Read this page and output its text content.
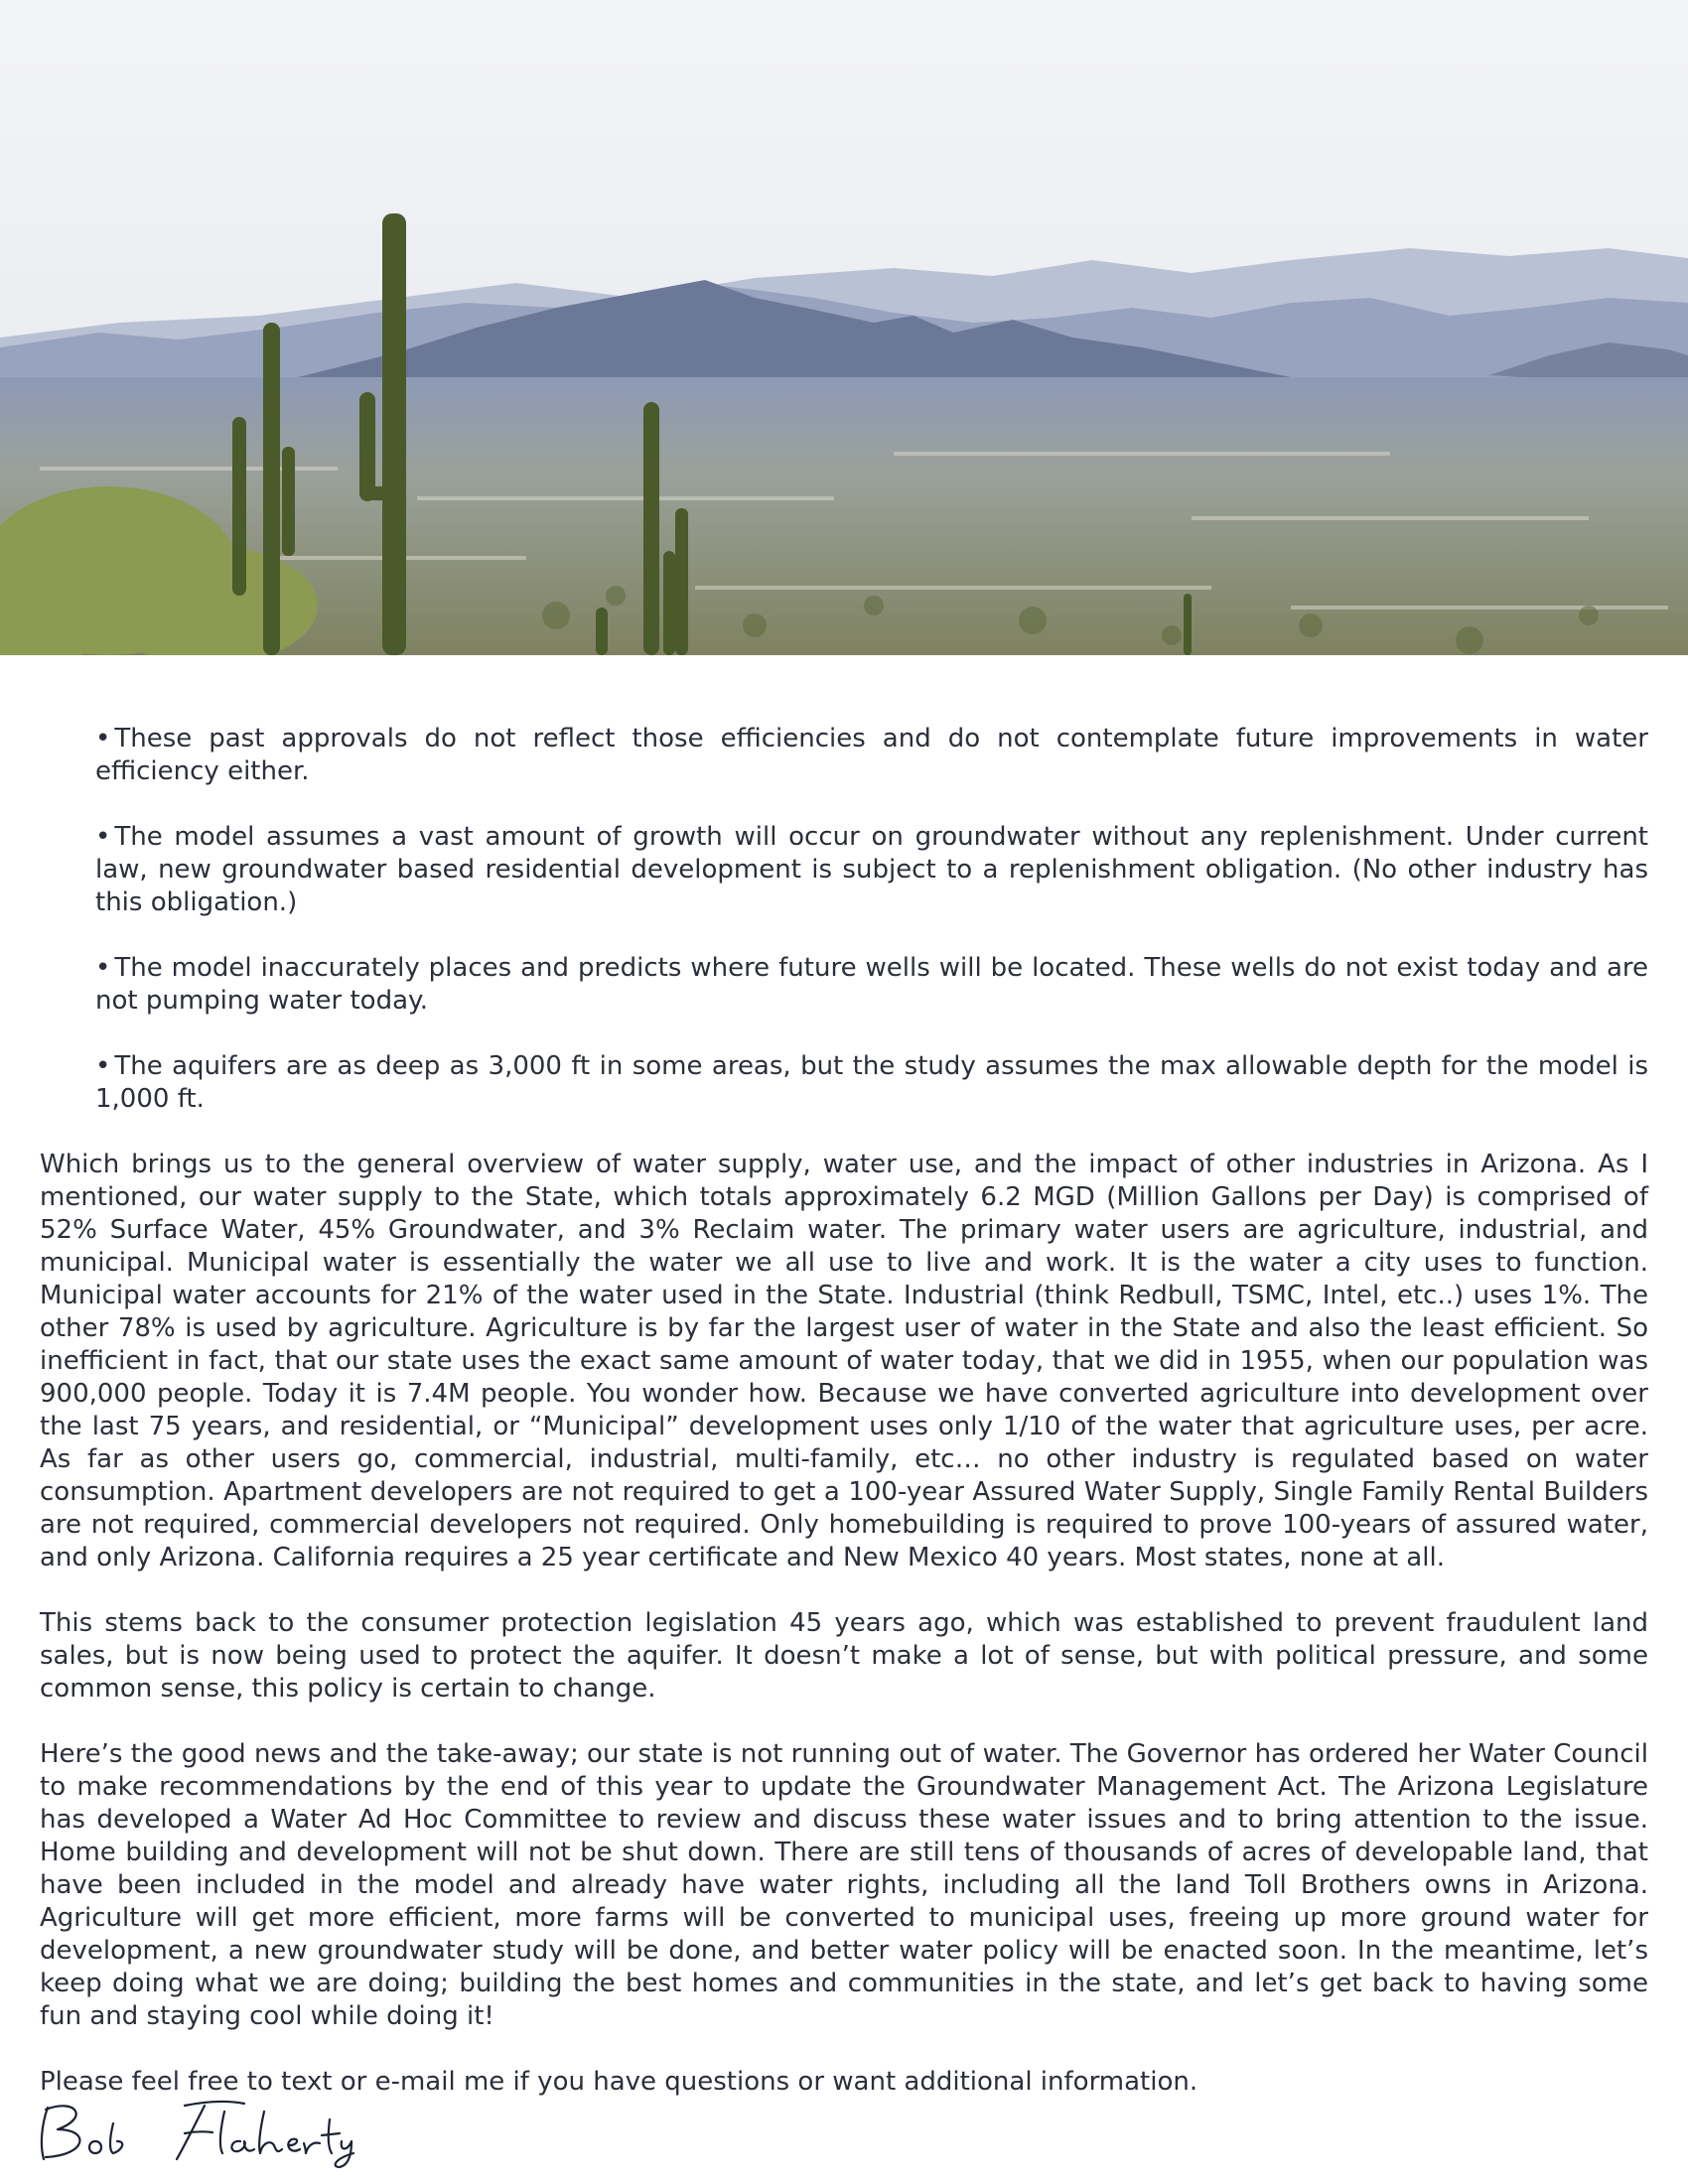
• These past approvals do not reflect those efficiencies and do not contemplate future improvements in water efficiency either.

• The model assumes a vast amount of growth will occur on groundwater without any replenishment. Under current law, new groundwater based residential development is subject to a replenishment obligation. (No other industry has this obligation.)

• The model inaccurately places and predicts where future wells will be located. These wells do not exist today and are not pumping water today.

• The aquifers are as deep as 3,000 ft in some areas, but the study assumes the max allowable depth for the model is 1,000 ft.

Which brings us to the general overview of water supply, water use, and the impact of other industries in Arizona. As I mentioned, our water supply to the State, which totals approximately 6.2 MGD (Million Gallons per Day) is comprised of 52% Surface Water, 45% Groundwater, and 3% Reclaim water. The primary water users are agriculture, industrial, and municipal. Municipal water is essentially the water we all use to live and work. It is the water a city uses to function. Municipal water accounts for 21% of the water used in the State. Industrial (think Redbull, TSMC, Intel, etc..) uses 1%. The other 78% is used by agriculture. Agriculture is by far the largest user of water in the State and also the least efficient. So inefficient in fact, that our state uses the exact same amount of water today, that we did in 1955, when our population was 900,000 people. Today it is 7.4M people. You wonder how. Because we have converted agriculture into development over the last 75 years, and residential, or “Municipal” development uses only 1/10 of the water that agriculture uses, per acre. As far as other users go, commercial, industrial, multi-family, etc… no other industry is regulated based on water consumption. Apartment developers are not required to get a 100-year Assured Water Supply, Single Family Rental Builders are not required, commercial developers not required. Only homebuilding is required to prove 100-years of assured water, and only Arizona. California requires a 25 year certificate and New Mexico 40 years. Most states, none at all.

This stems back to the consumer protection legislation 45 years ago, which was established to prevent fraudulent land sales, but is now being used to protect the aquifer. It doesn’t make a lot of sense, but with political pressure, and some common sense, this policy is certain to change.

Here’s the good news and the take-away; our state is not running out of water. The Governor has ordered her Water Council to make recommendations by the end of this year to update the Groundwater Management Act. The Arizona Legislature has developed a Water Ad Hoc Committee to review and discuss these water issues and to bring attention to the issue. Home building and development will not be shut down. There are still tens of thousands of acres of developable land, that have been included in the model and already have water rights, including all the land Toll Brothers owns in Arizona. Agriculture will get more efficient, more farms will be converted to municipal uses, freeing up more ground water for development, a new groundwater study will be done, and better water policy will be enacted soon. In the meantime, let’s keep doing what we are doing; building the best homes and communities in the state, and let’s get back to having some fun and staying cool while doing it!

Please feel free to text or e-mail me if you have questions or want additional information.
